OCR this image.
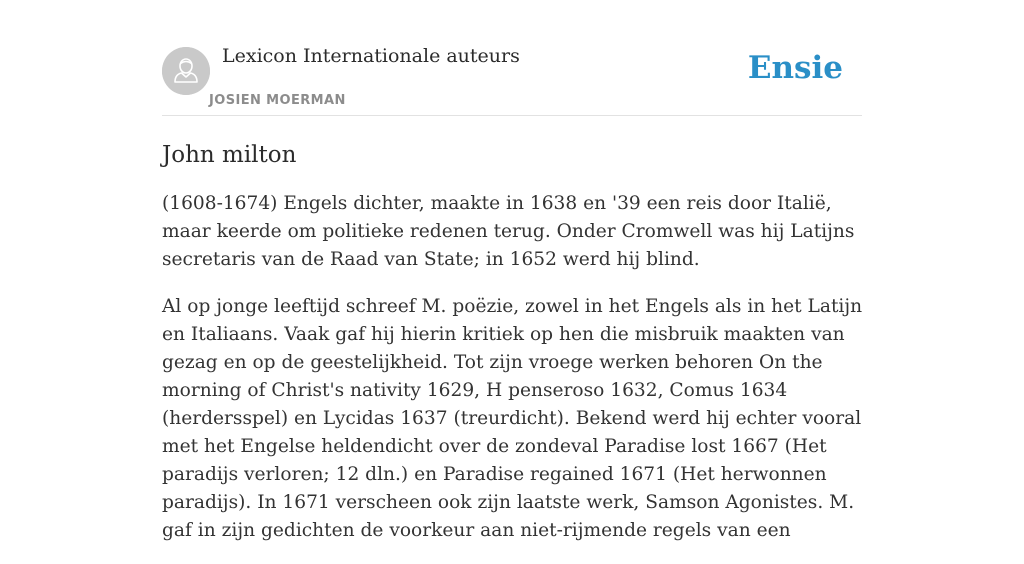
Lexicon Internationale auteurs
JOSIEN MOERMAN
Ensie
John milton

(1608-1674) Engels dichter, maakte in 1638 en '39 een reis door Italië, maar keerde om politieke redenen terug. Onder Cromwell was hij Latijns secretaris van de Raad van State; in 1652 werd hij blind.

Al op jonge leeftijd schreef M. poëzie, zowel in het Engels als in het Latijn en Italiaans. Vaak gaf hij hierin kritiek op hen die misbruik maakten van gezag en op de geestelijkheid. Tot zijn vroege werken behoren On the morning of Christ's nativity 1629, H penseroso 1632, Comus 1634 (herdersspel) en Lycidas 1637 (treurdicht). Bekend werd hij echter vooral met het Engelse heldendicht over de zondeval Paradise lost 1667 (Het paradijs verloren; 12 dln.) en Paradise regained 1671 (Het herwonnen paradijs). In 1671 verscheen ook zijn laatste werk, Samson Agonistes. M. gaf in zijn gedichten de voorkeur aan niet-rijmende regels van een
